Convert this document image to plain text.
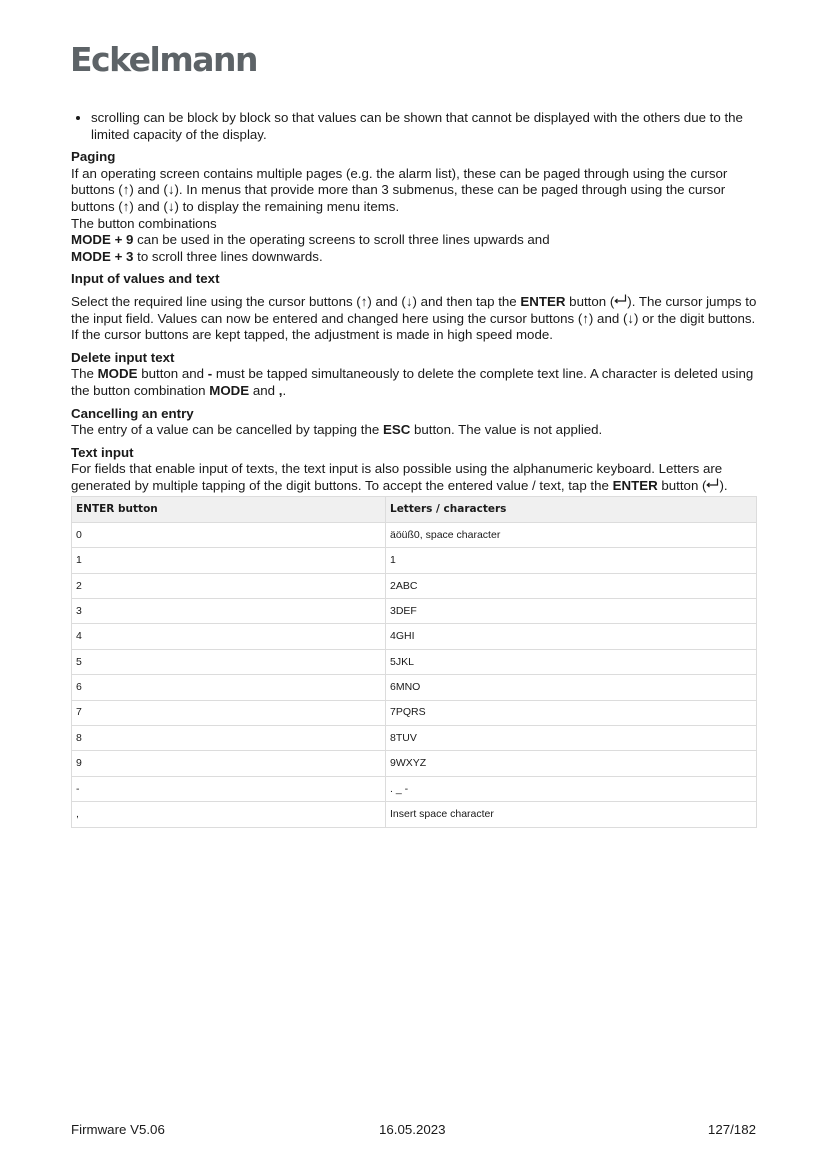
Eckelmann
• scrolling can be block by block so that values can be shown that cannot be displayed with the others due to the limited capacity of the display.

Paging

If an operating screen contains multiple pages (e.g. the alarm list), these can be paged through using the cursor buttons (↑) and (↓). In menus that provide more than 3 submenus, these can be paged through using the cursor buttons (↑) and (↓) to display the remaining menu items.

The button combinations

MODE + 9 can be used in the operating screens to scroll three lines upwards and

MODE + 3 to scroll three lines downwards.

Input of values and text

Select the required line using the cursor buttons (↑) and (↓) and then tap the ENTER button ( ). The cursor jumps to the input field. Values can now be entered and changed here using the cursor buttons (↑) and (↓) or the digit buttons.

If the cursor buttons are kept tapped, the adjustment is made in high speed mode.

Delete input text

The MODE button and - must be tapped simultaneously to delete the complete text line. A character is deleted using the button combination MODE and ,.

Cancelling an entry

The entry of a value can be cancelled by tapping the ESC button. The value is not applied.

Text input

For fields that enable input of texts, the text input is also possible using the alphanumeric keyboard. Letters are generated by multiple tapping of the digit buttons. To accept the entered value / text, tap the ENTER button ( ).

ENTER button	Letters / characters
0	äöüß0, space character
1	1
2	2ABC
3	3DEF
4	4GHI
5	5JKL
6	6MNO
7	7PQRS
8	8TUV
9	9WXYZ
-	. _ -
,	Insert space character
Firmware V5.06	16.05.2023	127/182
